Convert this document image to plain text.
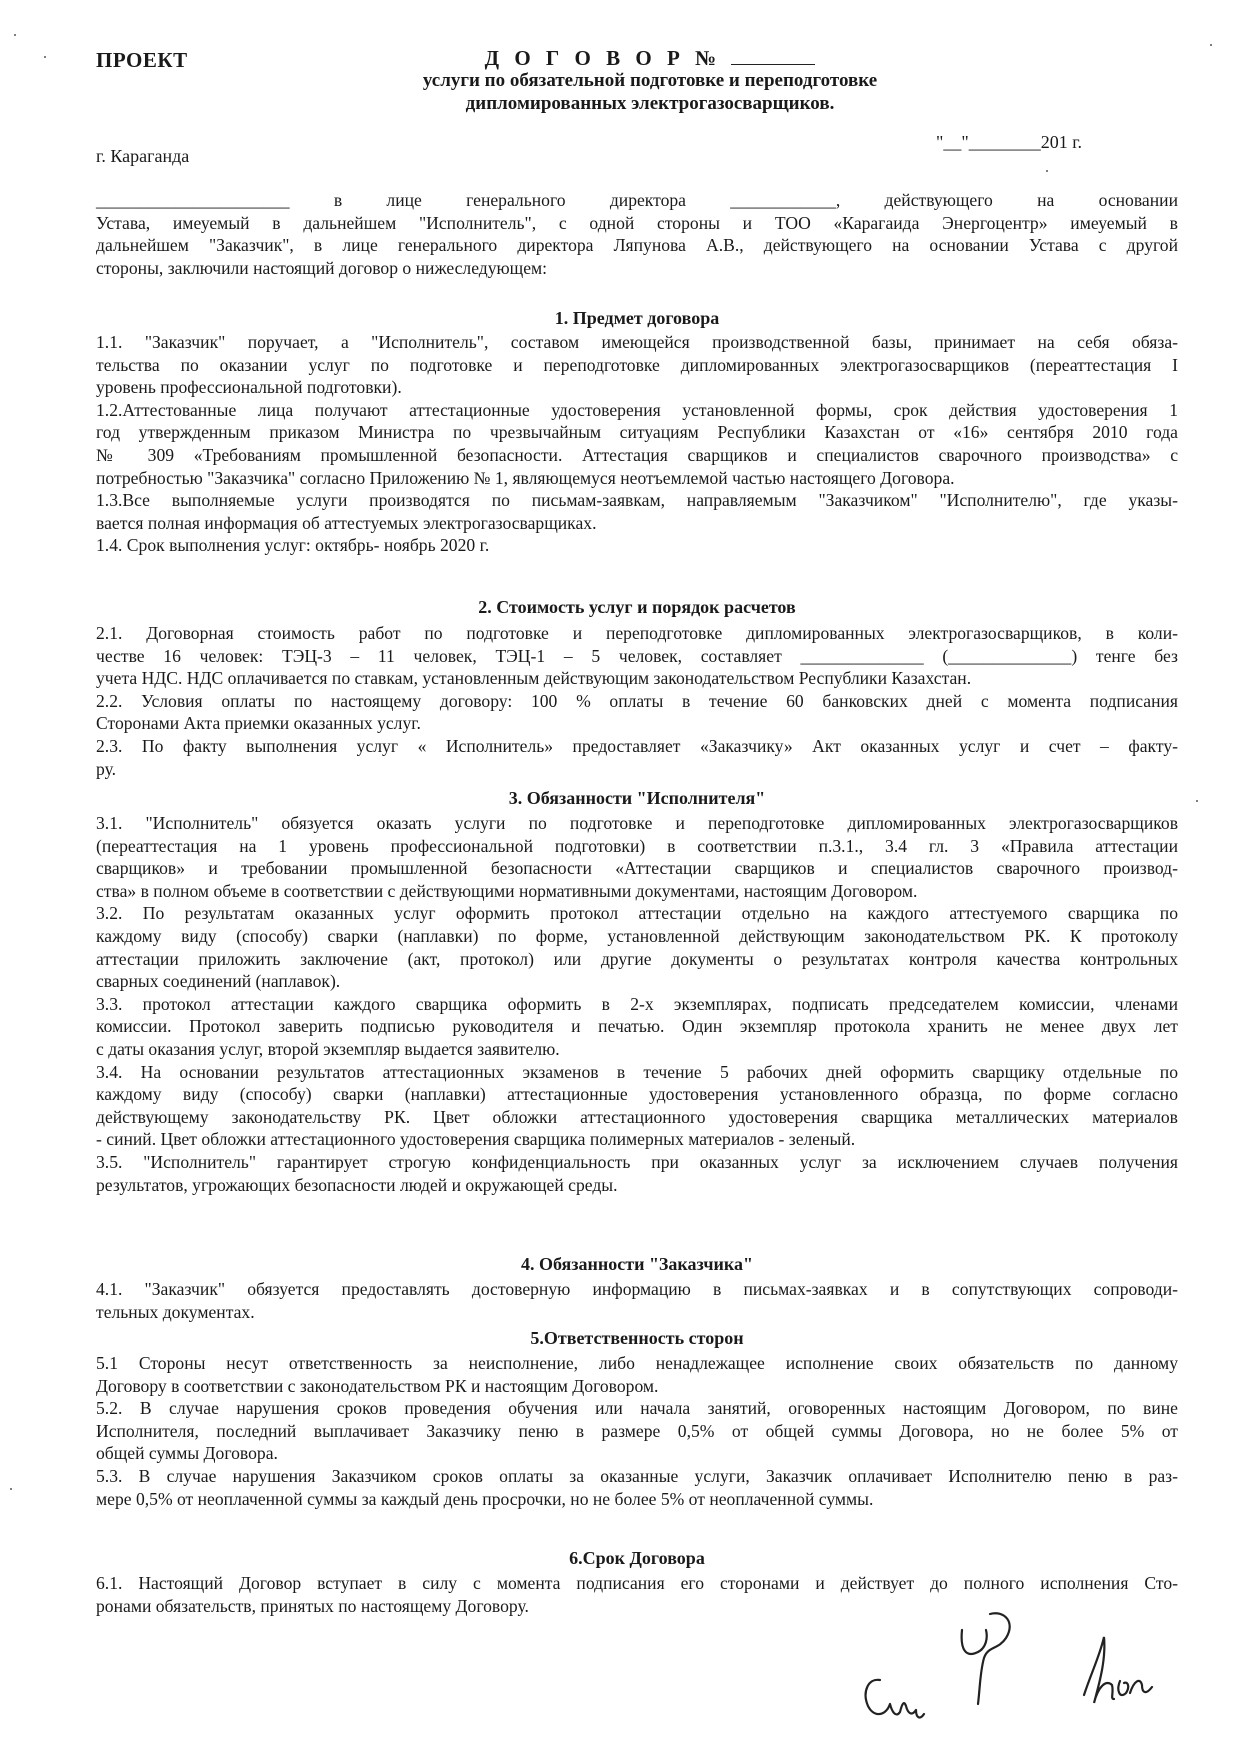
ПРОЕКТ	Д О Г О В О Р №
услуги по обязательной подготовке и переподготовке
дипломированных электрогазосварщиков.
г. Караганда
"__"________201 г.
______________________ в лице генерального директора ____________, действующего на основании
Устава, имеуемый в дальнейшем "Исполнитель", с одной стороны и ТОО «Карагаида Энергоцентр» имеуемый в
дальнейшем "Заказчик", в лице генерального директора Ляпунова А.В., действующего на основании Устава с другой
стороны, заключили настоящий договор о нижеследующем:
1. Предмет договора
1.1. "Заказчик" поручает, а "Исполнитель", составом имеющейся производственной базы, принимает на себя обяза-
тельства по оказании услуг по подготовке и переподготовке дипломированных электрогазосварщиков (переаттестация I
уровень профессиональной подготовки).
1.2.Аттестованные лица получают аттестационные удостоверения установленной формы, срок действия удостоверения 1
год утвержденным приказом Министра по чрезвычайным ситуациям Республики Казахстан от «16» сентября 2010 года
№ 309 «Требованиям промышленной безопасности. Аттестация сварщиков и специалистов сварочного производства» с
потребностью "Заказчика" согласно Приложению № 1, являющемуся неотъемлемой частью настоящего Договора.
1.3.Все выполняемые услуги производятся по письмам-заявкам, направляемым "Заказчиком" "Исполнителю", где указы-
вается полная информация об аттестуемых электрогазосварщиках.
1.4. Срок выполнения услуг: октябрь- ноябрь 2020 г.
2. Стоимость услуг и порядок расчетов
2.1. Договорная стоимость работ по подготовке и переподготовке дипломированных электрогазосварщиков, в коли-
честве 16 человек: ТЭЦ-3 – 11 человек, ТЭЦ-1 – 5 человек, составляет ______________ (______________) тенге без
учета НДС. НДС оплачивается по ставкам, установленным действующим законодательством Республики Казахстан.
2.2. Условия оплаты по настоящему договору: 100 % оплаты в течение 60 банковских дней с момента подписания
Сторонами Акта приемки оказанных услуг.
2.3. По факту выполнения услуг « Исполнитель» предоставляет «Заказчику» Акт оказанных услуг и счет – факту-
ру.
3. Обязанности "Исполнителя"
3.1. "Исполнитель" обязуется оказать услуги по подготовке и переподготовке дипломированных электрогазосварщиков
(переаттестация на 1 уровень профессиональной подготовки) в соответствии п.3.1., 3.4 гл. 3 «Правила аттестации
сварщиков» и требовании промышленной безопасности «Аттестации сварщиков и специалистов сварочного производ-
ства» в полном объеме в соответствии с действующими нормативными документами, настоящим Договором.
3.2. По результатам оказанных услуг оформить протокол аттестации отдельно на каждого аттестуемого сварщика по
каждому виду (способу) сварки (наплавки) по форме, установленной действующим законодательством РК. К протоколу
аттестации приложить заключение (акт, протокол) или другие документы о результатах контроля качества контрольных
сварных соединений (наплавок).
3.3. протокол аттестации каждого сварщика оформить в 2-х экземплярах, подписать председателем комиссии, членами
комиссии. Протокол заверить подписью руководителя и печатью. Один экземпляр протокола хранить не менее двух лет
с даты оказания услуг, второй экземпляр выдается заявителю.
3.4. На основании результатов аттестационных экзаменов в течение 5 рабочих дней оформить сварщику отдельные по
каждому виду (способу) сварки (наплавки) аттестационные удостоверения установленного образца, по форме согласно
действующему законодательству РК. Цвет обложки аттестационного удостоверения сварщика металлических материалов
- синий. Цвет обложки аттестационного удостоверения сварщика полимерных материалов - зеленый.
3.5. "Исполнитель" гарантирует строгую конфиденциальность при оказанных услуг за исключением случаев получения
результатов, угрожающих безопасности людей и окружающей среды.
4. Обязанности "Заказчика"
4.1. "Заказчик" обязуется предоставлять достоверную информацию в письмах-заявках и в сопутствующих сопроводи-
тельных документах.
5.Ответственность сторон
5.1 Стороны несут ответственность за неисполнение, либо ненадлежащее исполнение своих обязательств по данному
Договору в соответствии с законодательством РК и настоящим Договором.
5.2. В случае нарушения сроков проведения обучения или начала занятий, оговоренных настоящим Договором, по вине
Исполнителя, последний выплачивает Заказчику пеню в размере 0,5% от общей суммы Договора, но не более 5% от
общей суммы Договора.
5.3. В случае нарушения Заказчиком сроков оплаты за оказанные услуги, Заказчик оплачивает Исполнителю пеню в раз-
мере 0,5% от неоплаченной суммы за каждый день просрочки, но не более 5% от неоплаченной суммы.
6.Срок Договора
6.1. Настоящий Договор вступает в силу с момента подписания его сторонами и действует до полного исполнения Сто-
ронами обязательств, принятых по настоящему Договору.
